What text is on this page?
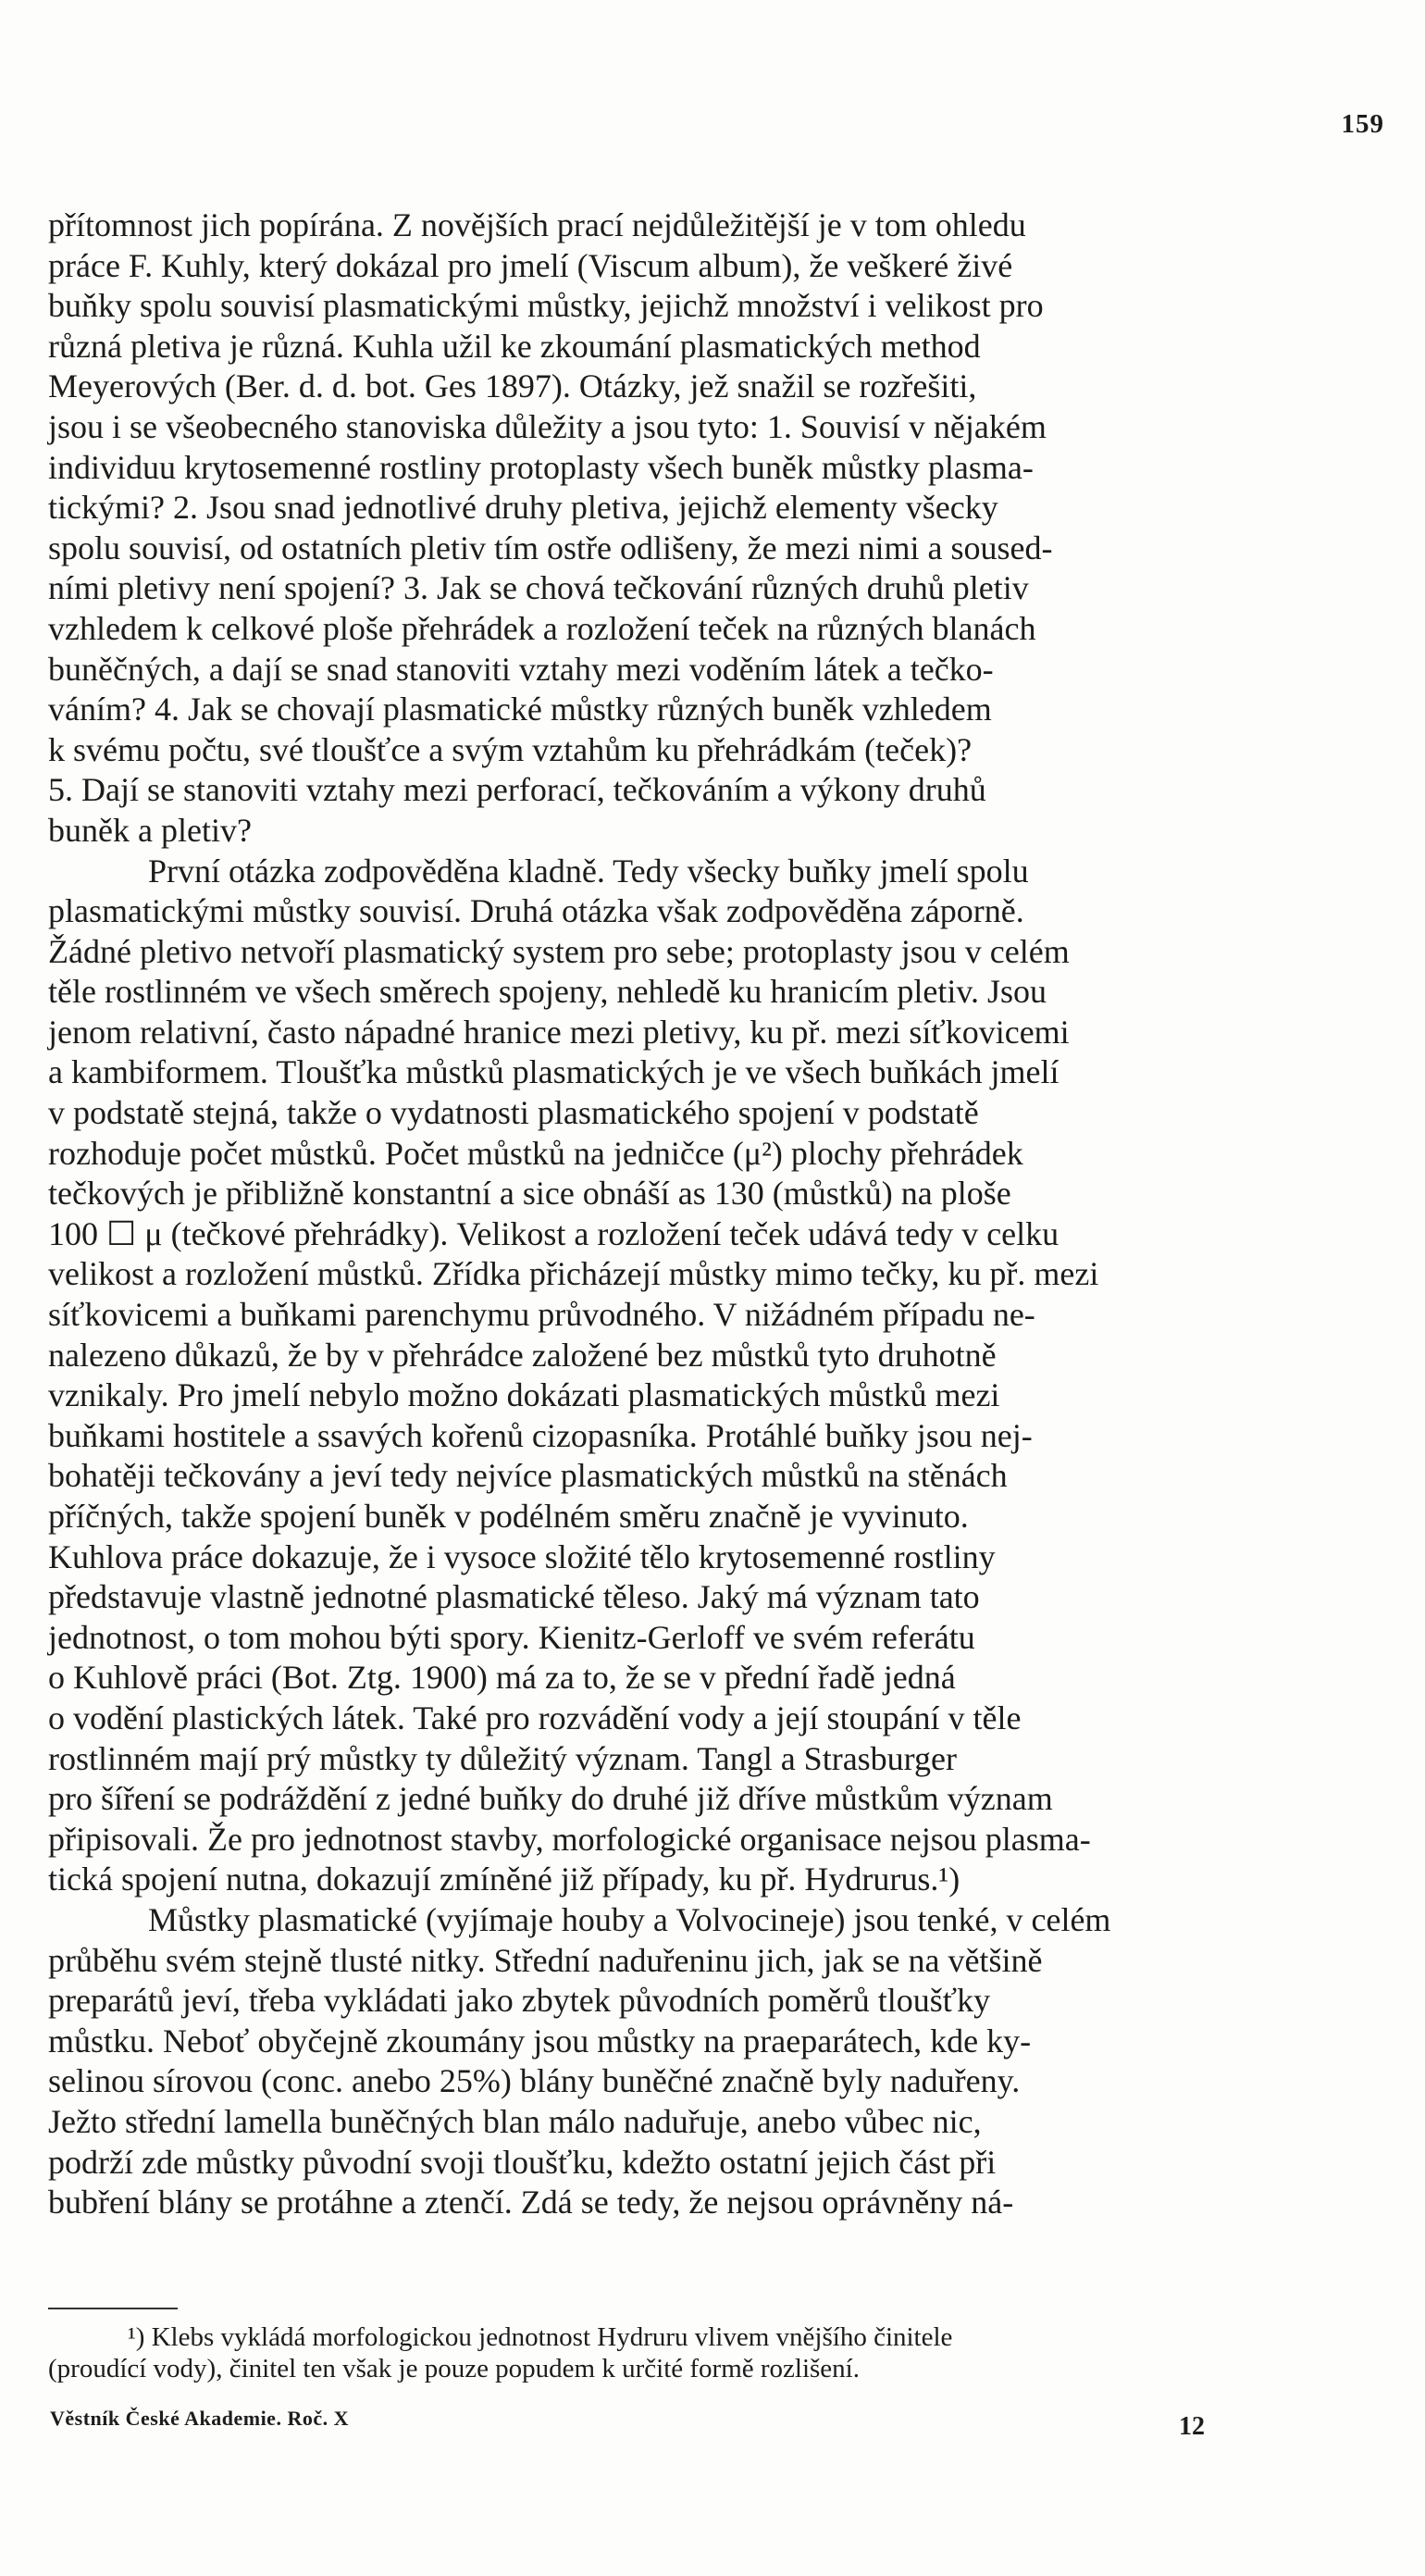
159
přítomnost jich popírána. Z novějších prací nejdůležitější je v tom ohledu
práce F. Kuhly, který dokázal pro jmelí (Viscum album), že veškeré živé
buňky spolu souvisí plasmatickými můstky, jejichž množství i velikost pro
různá pletiva je různá. Kuhla užil ke zkoumání plasmatických method
Meyerových (Ber. d. d. bot. Ges 1897). Otázky, jež snažil se rozřešiti,
jsou i se všeobecného stanoviska důležity a jsou tyto: 1. Souvisí v nějakém
individuu krytosemenné rostliny protoplasty všech buněk můstky plasma-
tickými? 2. Jsou snad jednotlivé druhy pletiva, jejichž elementy všecky
spolu souvisí, od ostatních pletiv tím ostře odlišeny, že mezi nimi a soused-
ními pletivy není spojení? 3. Jak se chová tečkování různých druhů pletiv
vzhledem k celkové ploše přehrádek a rozložení teček na různých blanách
buněčných, a dají se snad stanoviti vztahy mezi voděním látek a tečko-
váním? 4. Jak se chovají plasmatické můstky různých buněk vzhledem
k svému počtu, své tloušťce a svým vztahům ku přehrádkám (teček)?
5. Dají se stanoviti vztahy mezi perforací, tečkováním a výkony druhů
buněk a pletiv?
První otázka zodpověděna kladně. Tedy všecky buňky jmelí spolu
plasmatickými můstky souvisí. Druhá otázka však zodpověděna záporně.
Žádné pletivo netvoří plasmatický system pro sebe; protoplasty jsou v celém
těle rostlinném ve všech směrech spojeny, nehledě ku hranicím pletiv. Jsou
jenom relativní, často nápadné hranice mezi pletivy, ku př. mezi síťkovicemi
a kambiformem. Tloušťka můstků plasmatických je ve všech buňkách jmelí
v podstatě stejná, takže o vydatnosti plasmatického spojení v podstatě
rozhoduje počet můstků. Počet můstků na jedničce (μ²) plochy přehrádek
tečkových je přibližně konstantní a sice obnáší as 130 (můstků) na ploše
100 ☐ μ (tečkové přehrádky). Velikost a rozložení teček udává tedy v celku
velikost a rozložení můstků. Zřídka přicházejí můstky mimo tečky, ku př. mezi
síťkovicemi a buňkami parenchymu průvodného. V nižádném případu ne-
nalezeno důkazů, že by v přehrádce založené bez můstků tyto druhotně
vznikaly. Pro jmelí nebylo možno dokázati plasmatických můstků mezi
buňkami hostitele a ssavých kořenů cizopasníka. Protáhlé buňky jsou nej-
bohatěji tečkovány a jeví tedy nejvíce plasmatických můstků na stěnách
příčných, takže spojení buněk v podélném směru značně je vyvinuto.
Kuhlova práce dokazuje, že i vysoce složité tělo krytosemenné rostliny
představuje vlastně jednotné plasmatické těleso. Jaký má význam tato
jednotnost, o tom mohou býti spory. Kienitz-Gerloff ve svém referátu
o Kuhlově práci (Bot. Ztg. 1900) má za to, že se v přední řadě jedná
o vodění plastických látek. Také pro rozvádění vody a její stoupání v těle
rostlinném mají prý můstky ty důležitý význam. Tangl a Strasburger
pro šíření se podráždění z jedné buňky do druhé již dříve můstkům význam
připisovali. Že pro jednotnost stavby, morfologické organisace nejsou plasma-
tická spojení nutna, dokazují zmíněné již případy, ku př. Hydrurus.¹)
Můstky plasmatické (vyjímaje houby a Volvocineje) jsou tenké, v celém
průběhu svém stejně tlusté nitky. Střední naduřeninu jich, jak se na většině
preparátů jeví, třeba vykládati jako zbytek původních poměrů tloušťky
můstku. Neboť obyčejně zkoumány jsou můstky na praeparátech, kde ky-
selinou sírovou (conc. anebo 25%) blány buněčné značně byly naduřeny.
Ježto střední lamella buněčných blan málo naduřuje, anebo vůbec nic,
podrží zde můstky původní svoji tloušťku, kdežto ostatní jejich část při
bubření blány se protáhne a ztenčí. Zdá se tedy, že nejsou oprávněny ná-
¹) Klebs vykládá morfologickou jednotnost Hydruru vlivem vnějšího činitele
(proudící vody), činitel ten však je pouze popudem k určité formě rozlišení.
Věstník České Akademie. Roč. X	12
